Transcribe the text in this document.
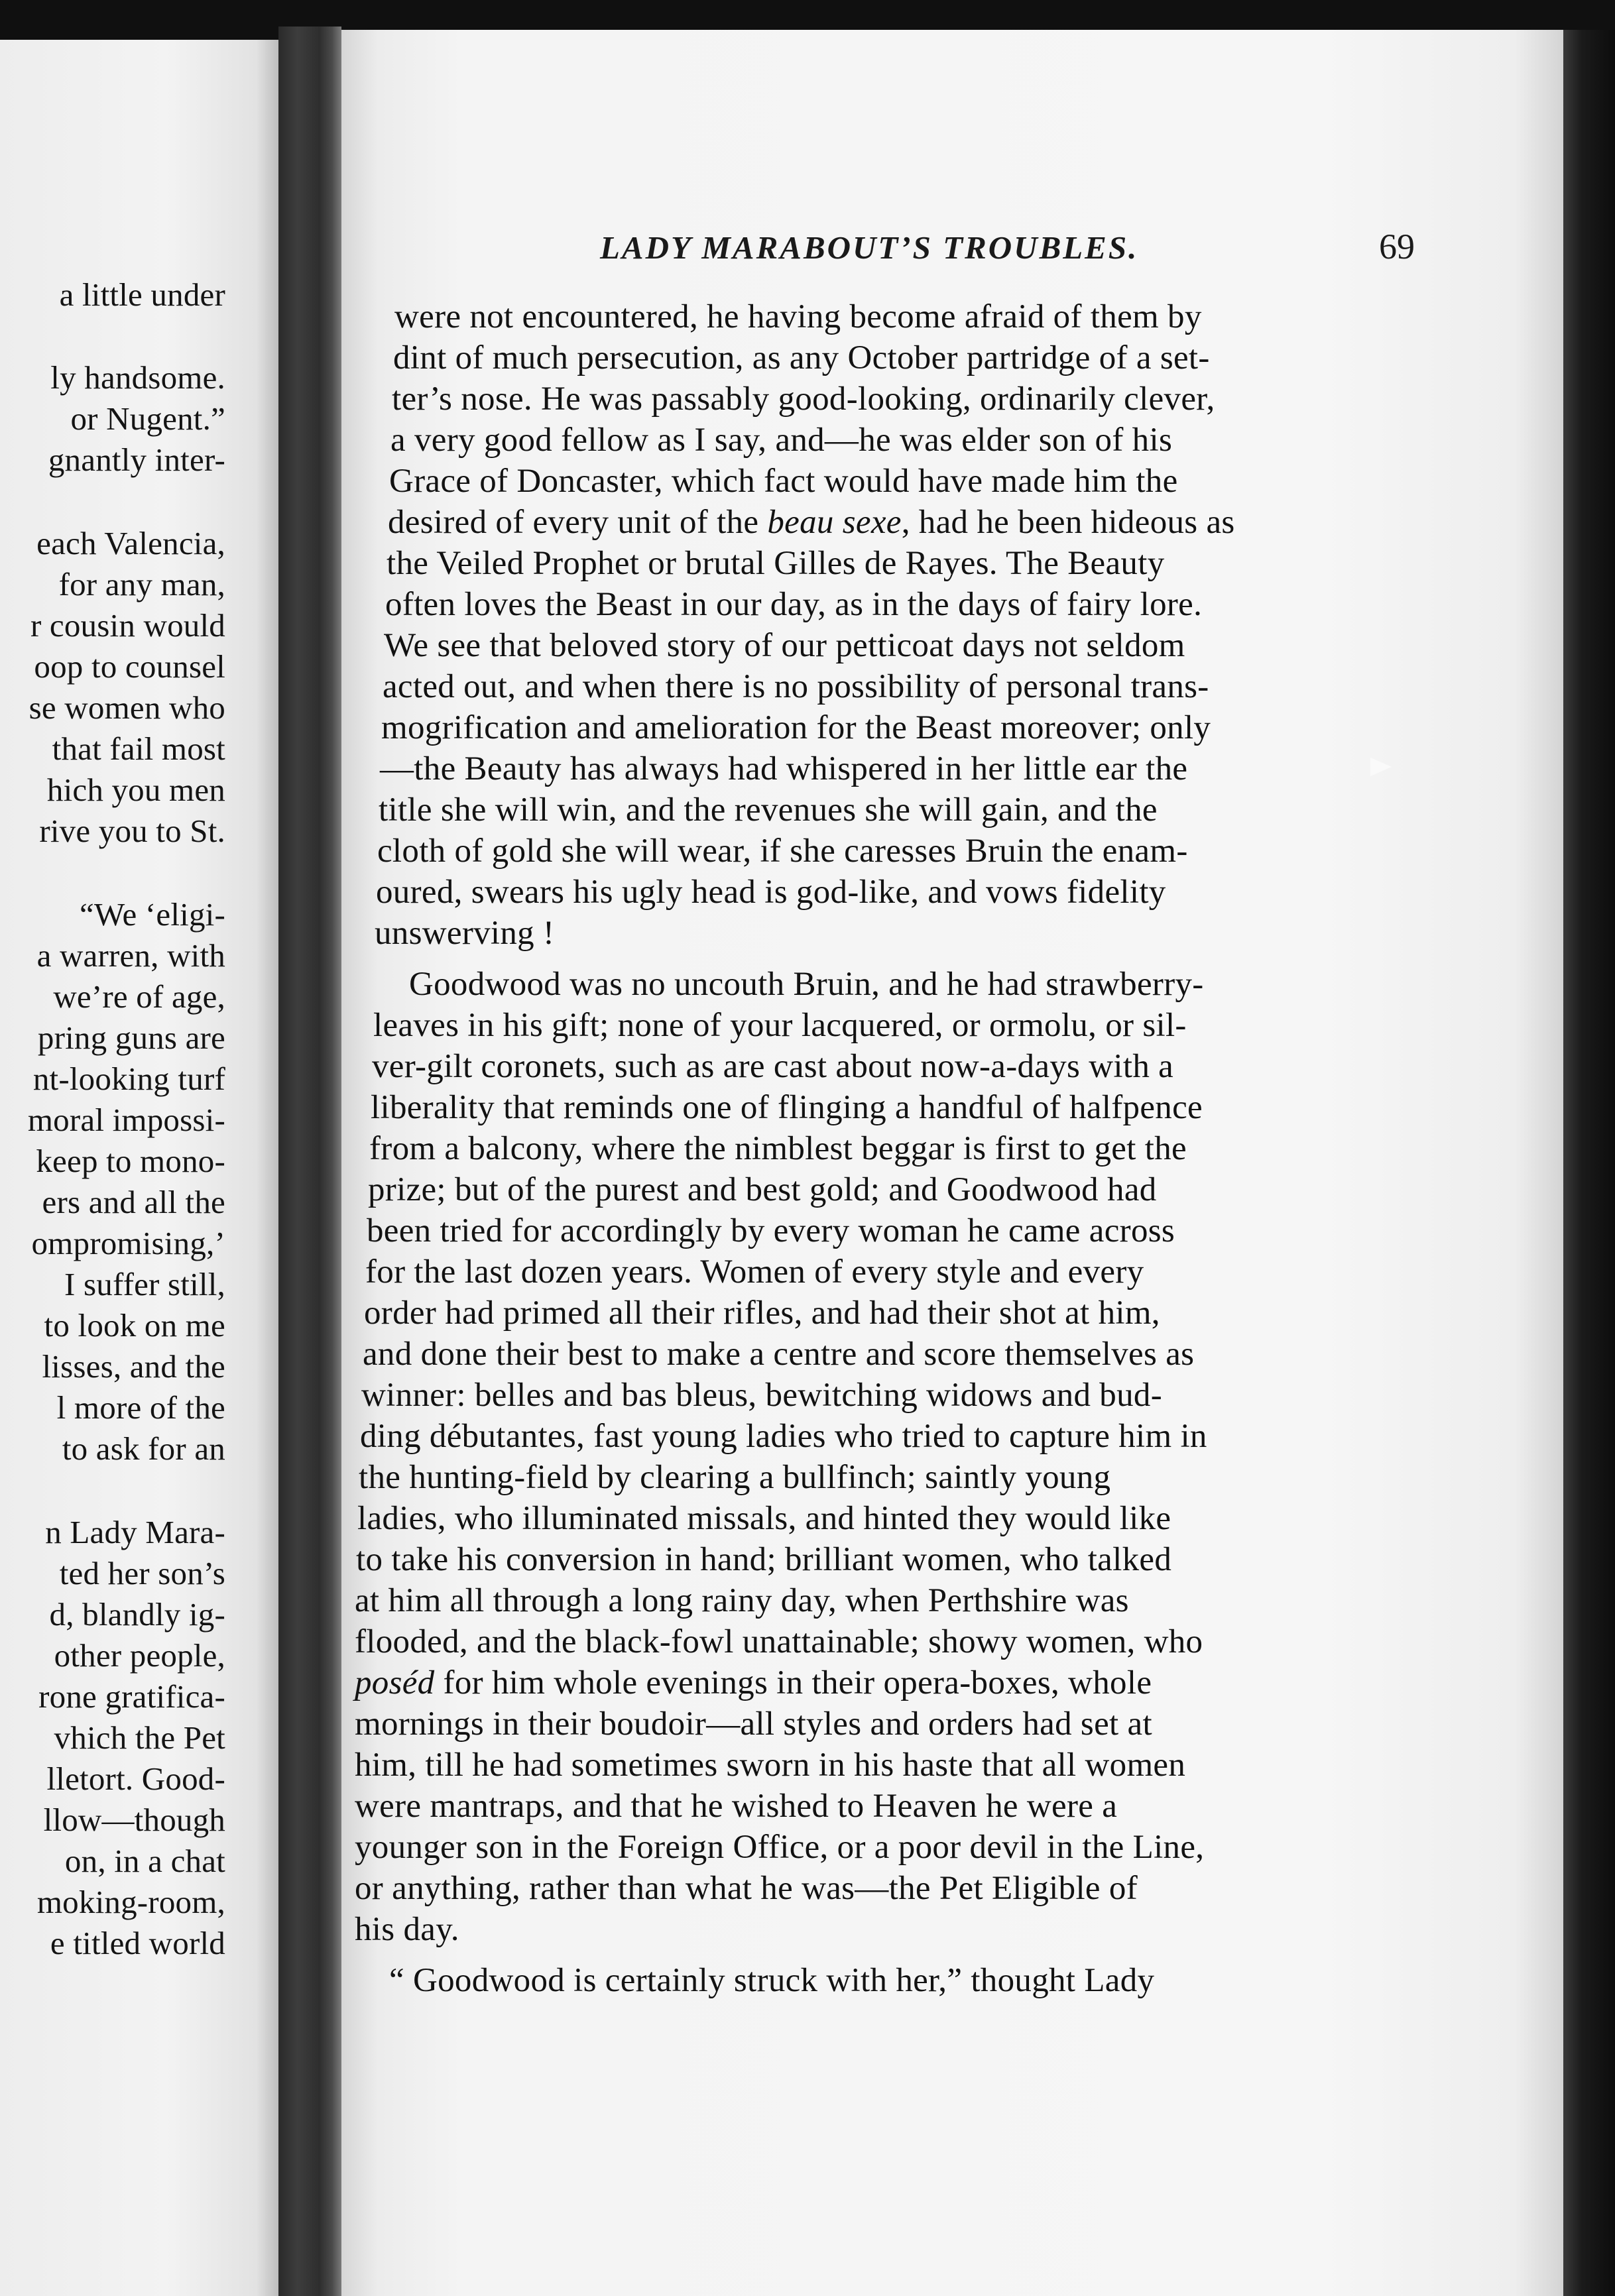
a little under
ly handsome.
or Nugent.”
gnantly inter-
each Valencia,
for any man,
r cousin would
oop to counsel
se women who
that fail most
hich you men
rive you to St.
“We ‘eligi-
a warren, with
we’re of age,
pring guns are
nt-looking turf
moral impossi-
keep to mono-
ers and all the
ompromising,’
I suffer still,
to look on me
lisses, and the
l more of the
to ask for an
n Lady Mara-
ted her son’s
d, blandly ig-
other people,
rone gratifica-
vhich the Pet
lletort. Good-
llow—though
on, in a chat
moking-room,
e titled world
LADY MARABOUT’S TROUBLES.	69
were not encountered, he having become afraid of them by
dint of much persecution, as any October partridge of a set-
ter’s nose. He was passably good-looking, ordinarily clever,
a very good fellow as I say, and—he was elder son of his
Grace of Doncaster, which fact would have made him the
desired of every unit of the beau sexe, had he been hideous as
the Veiled Prophet or brutal Gilles de Rayes. The Beauty
often loves the Beast in our day, as in the days of fairy lore.
We see that beloved story of our petticoat days not seldom
acted out, and when there is no possibility of personal trans-
mogrification and amelioration for the Beast moreover; only
—the Beauty has always had whispered in her little ear the
title she will win, and the revenues she will gain, and the
cloth of gold she will wear, if she caresses Bruin the enam-
oured, swears his ugly head is god-like, and vows fidelity
unswerving !
Goodwood was no uncouth Bruin, and he had strawberry-
leaves in his gift; none of your lacquered, or ormolu, or sil-
ver-gilt coronets, such as are cast about now-a-days with a
liberality that reminds one of flinging a handful of halfpence
from a balcony, where the nimblest beggar is first to get the
prize; but of the purest and best gold; and Goodwood had
been tried for accordingly by every woman he came across
for the last dozen years. Women of every style and every
order had primed all their rifles, and had their shot at him,
and done their best to make a centre and score themselves as
winner: belles and bas bleus, bewitching widows and bud-
ding débutantes, fast young ladies who tried to capture him in
the hunting-field by clearing a bullfinch; saintly young
ladies, who illuminated missals, and hinted they would like
to take his conversion in hand; brilliant women, who talked
at him all through a long rainy day, when Perthshire was
flooded, and the black-fowl unattainable; showy women, who
poséd for him whole evenings in their opera-boxes, whole
mornings in their boudoir—all styles and orders had set at
him, till he had sometimes sworn in his haste that all women
were mantraps, and that he wished to Heaven he were a
younger son in the Foreign Office, or a poor devil in the Line,
or anything, rather than what he was—the Pet Eligible of
his day.
“ Goodwood is certainly struck with her,” thought Lady
